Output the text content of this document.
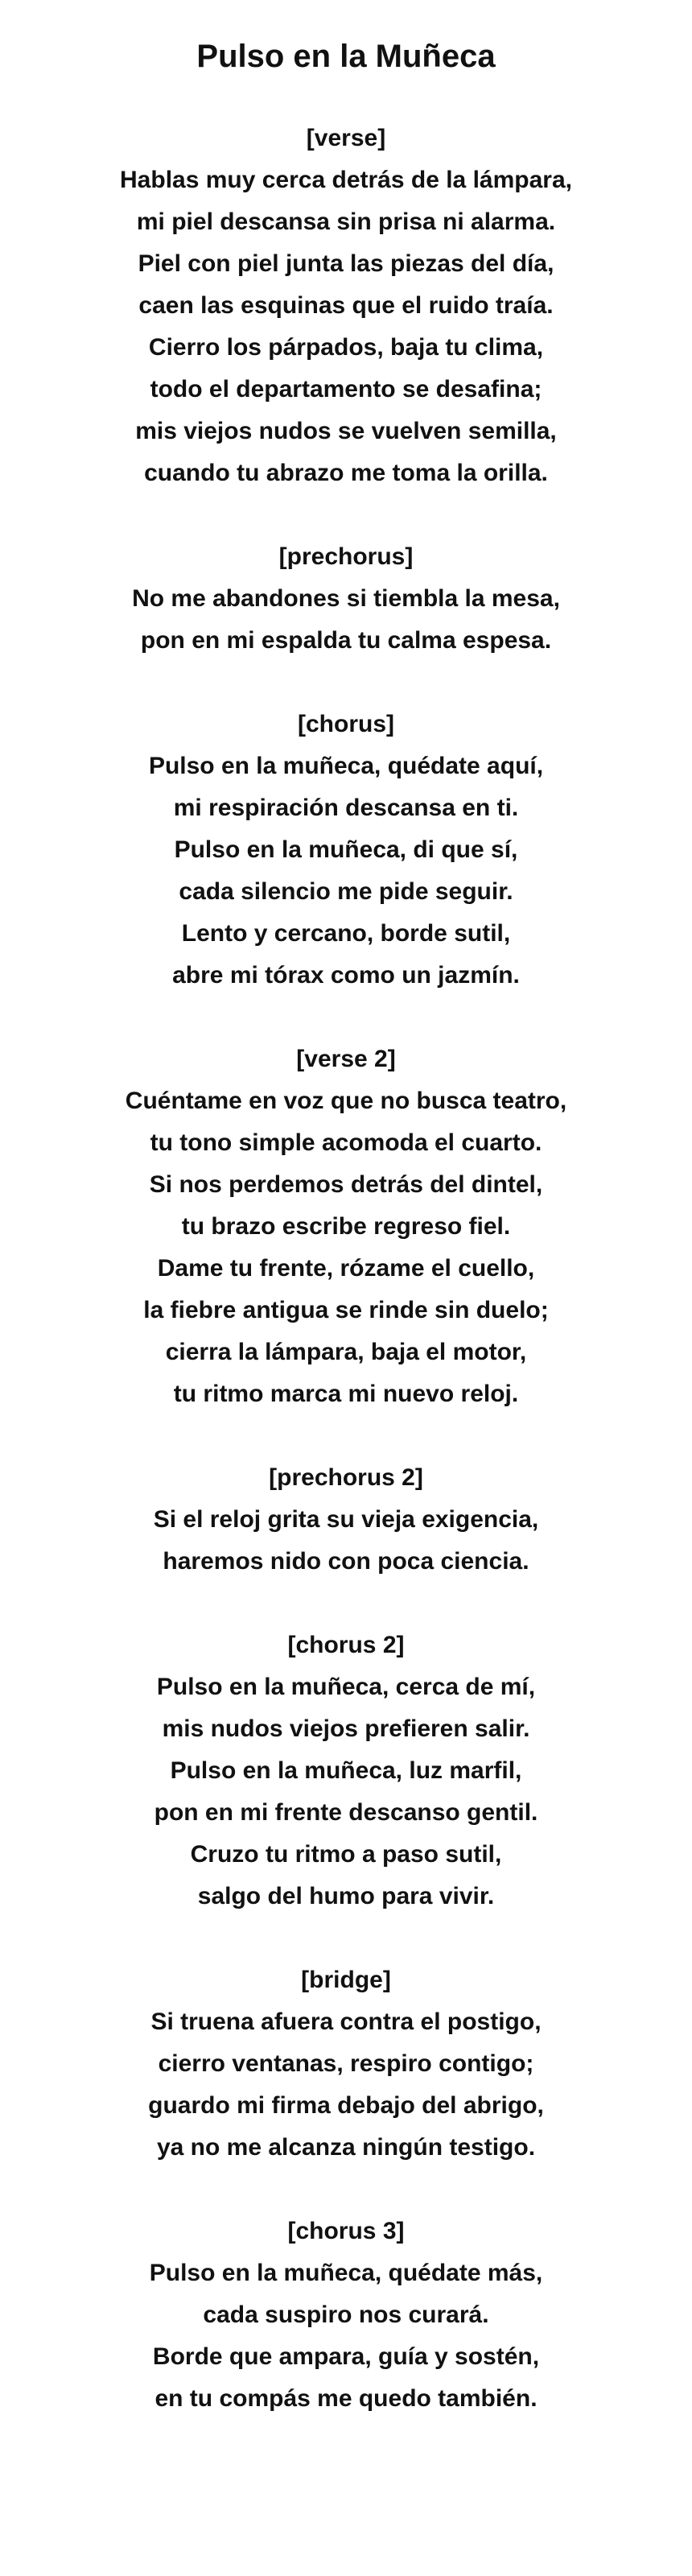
Pulso en la Muñeca

[verse]

Hablas muy cerca detrás de la lámpara,

mi piel descansa sin prisa ni alarma.

Piel con piel junta las piezas del día,

caen las esquinas que el ruido traía.

Cierro los párpados, baja tu clima,

todo el departamento se desafina;

mis viejos nudos se vuelven semilla,

cuando tu abrazo me toma la orilla.

[prechorus]

No me abandones si tiembla la mesa,

pon en mi espalda tu calma espesa.

[chorus]

Pulso en la muñeca, quédate aquí,

mi respiración descansa en ti.

Pulso en la muñeca, di que sí,

cada silencio me pide seguir.

Lento y cercano, borde sutil,

abre mi tórax como un jazmín.

[verse 2]

Cuéntame en voz que no busca teatro,

tu tono simple acomoda el cuarto.

Si nos perdemos detrás del dintel,

tu brazo escribe regreso fiel.

Dame tu frente, rózame el cuello,

la fiebre antigua se rinde sin duelo;

cierra la lámpara, baja el motor,

tu ritmo marca mi nuevo reloj.

[prechorus 2]

Si el reloj grita su vieja exigencia,

haremos nido con poca ciencia.

[chorus 2]

Pulso en la muñeca, cerca de mí,

mis nudos viejos prefieren salir.

Pulso en la muñeca, luz marfil,

pon en mi frente descanso gentil.

Cruzo tu ritmo a paso sutil,

salgo del humo para vivir.

[bridge]

Si truena afuera contra el postigo,

cierro ventanas, respiro contigo;

guardo mi firma debajo del abrigo,

ya no me alcanza ningún testigo.

[chorus 3]

Pulso en la muñeca, quédate más,

cada suspiro nos curará.

Borde que ampara, guía y sostén,

en tu compás me quedo también.
